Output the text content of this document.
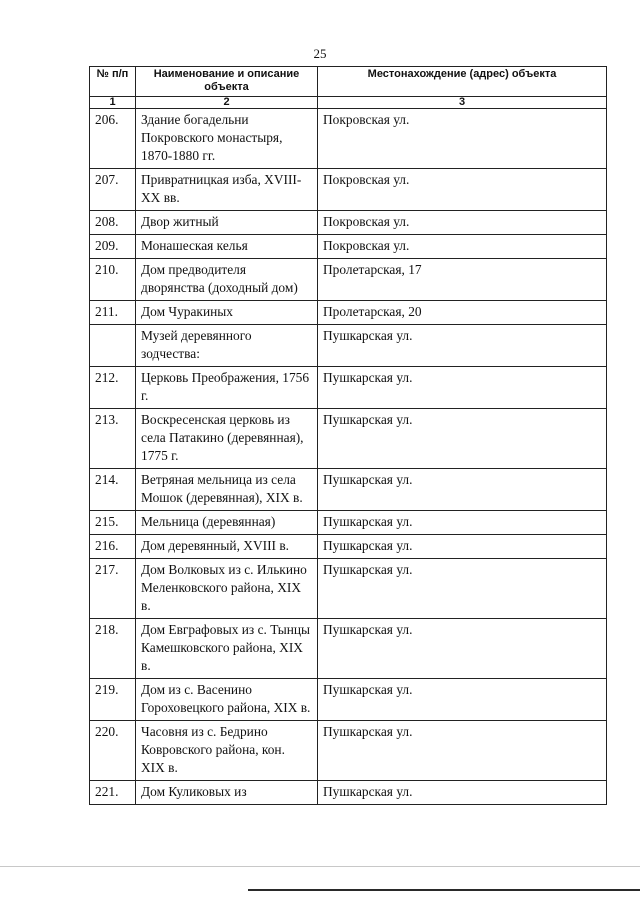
25
№ п/п	Наименование и описание объекта	Местонахождение (адрес) объекта
1	2	3
206.	Здание богадельни Покровского монастыря, 1870-1880 гг.	Покровская ул.
207.	Привратницкая изба, XVIII-XX вв.	Покровская ул.
208.	Двор житный	Покровская ул.
209.	Монашеская келья	Покровская ул.
210.	Дом предводителя дворянства (доходный дом)	Пролетарская, 17
211.	Дом Чуракиных	Пролетарская, 20
	Музей деревянного зодчества:	Пушкарская ул.
212.	Церковь Преображения, 1756 г.	Пушкарская ул.
213.	Воскресенская церковь из села Патакино (деревянная), 1775 г.	Пушкарская ул.
214.	Ветряная мельница из села Мошок (деревянная), XIX в.	Пушкарская ул.
215.	Мельница (деревянная)	Пушкарская ул.
216.	Дом деревянный, XVIII в.	Пушкарская ул.
217.	Дом Волковых из с. Илькино Меленковского района, XIX в.	Пушкарская ул.
218.	Дом Евграфовых из с. Тынцы Камешковского района, XIX в.	Пушкарская ул.
219.	Дом из с. Васенино Гороховецкого района, XIX в.	Пушкарская ул.
220.	Часовня из с. Бедрино Ковровского района, кон. XIX в.	Пушкарская ул.
221.	Дом Куликовых из	Пушкарская ул.
